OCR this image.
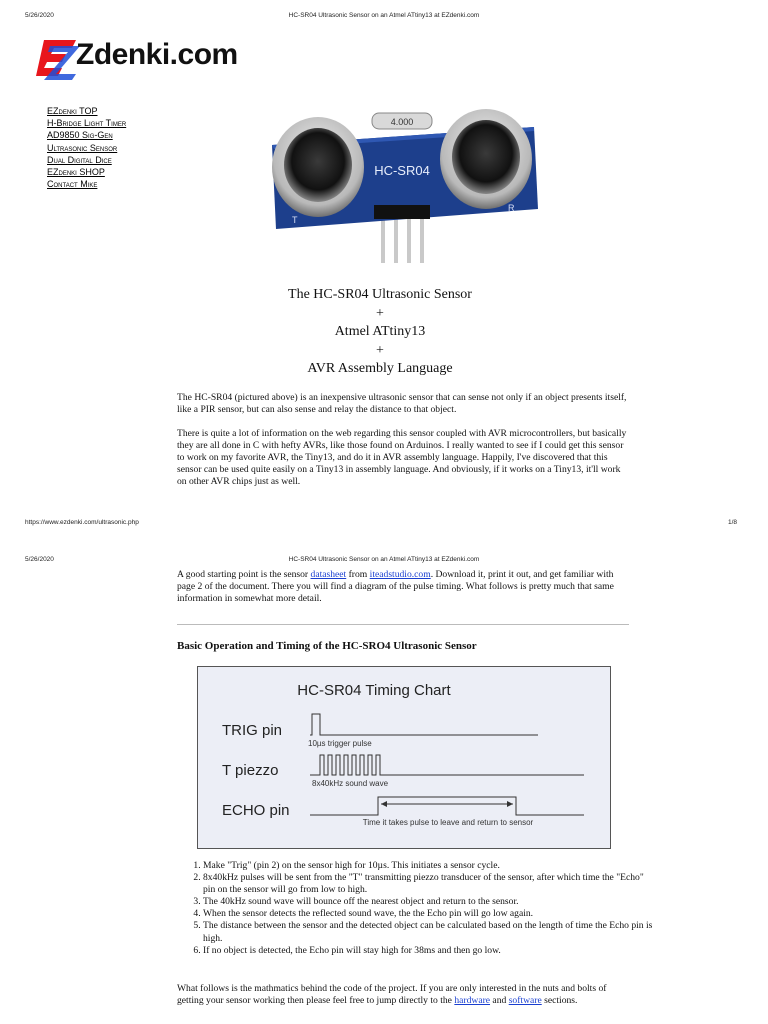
5/26/2020	HC-SR04 Ultrasonic Sensor on an Atmel ATtiny13 at EZdenki.com
Zdenki.com
EZdenki TOP
H-Bridge Light Timer
AD9850 Sig-Gen
Ultrasonic Sensor
Dual Digital Dice
EZdenki SHOP
Contact Mike
4.000
HC-SR04
T
R
The HC-SR04 Ultrasonic Sensor
+
Atmel ATtiny13
+
AVR Assembly Language

The HC-SR04 (pictured above) is an inexpensive ultrasonic sensor that can sense not only if an object presents itself, like a PIR sensor, but can also sense and relay the distance to that object.

There is quite a lot of information on the web regarding this sensor coupled with AVR microcontrollers, but basically they are all done in C with hefty AVRs, like those found on Arduinos. I really wanted to see if I could get this sensor to work on my favorite AVR, the Tiny13, and do it in AVR assembly language. Happily, I've discovered that this sensor can be used quite easily on a Tiny13 in assembly language. And obviously, if it works on a Tiny13, it'll work on other AVR chips just as well.

https://www.ezdenki.com/ultrasonic.php	1/8
5/26/2020	HC-SR04 Ultrasonic Sensor on an Atmel ATtiny13 at EZdenki.com

A good starting point is the sensor datasheet from iteadstudio.com. Download it, print it out, and get familiar with page 2 of the document. There you will find a diagram of the pulse timing. What follows is pretty much that same information in somewhat more detail.

Basic Operation and Timing of the HC-SRO4 Ultrasonic Sensor
HC-SR04 Timing Chart
TRIG pin
10µs trigger pulse
T piezzo
8x40kHz sound wave
ECHO pin
Time it takes pulse to leave and return to sensor
1. Make "Trig" (pin 2) on the sensor high for 10µs. This initiates a sensor cycle.
2. 8x40kHz pulses will be sent from the "T" transmitting piezzo transducer of the sensor, after which time the "Echo" pin on the sensor will go from low to high.
3. The 40kHz sound wave will bounce off the nearest object and return to the sensor.
4. When the sensor detects the reflected sound wave, the the Echo pin will go low again.
5. The distance between the sensor and the detected object can be calculated based on the length of time the Echo pin is high.
6. If no object is detected, the Echo pin will stay high for 38ms and then go low.

What follows is the mathmatics behind the code of the project. If you are only interested in the nuts and bolts of getting your sensor working then please feel free to jump directly to the hardware and software sections.
